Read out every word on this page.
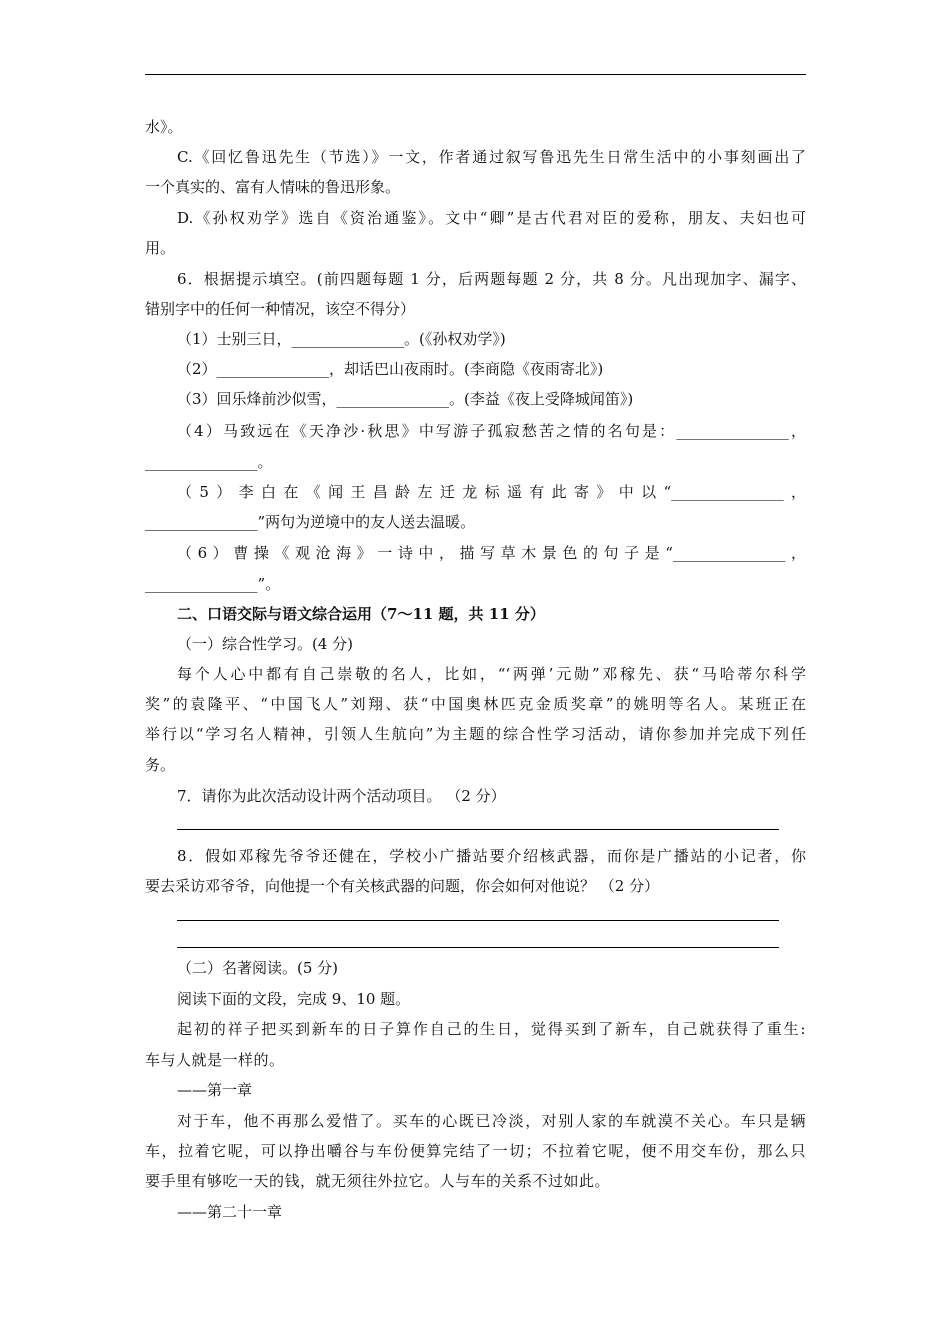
水》。
C.《回忆鲁迅先生（节选）》一文，作者通过叙写鲁迅先生日常生活中的小事刻画出了
一个真实的、富有人情味的鲁迅形象。
D.《孙权劝学》选自《资治通鉴》。文中“卿”是古代君对臣的爱称，朋友、夫妇也可
用。
6．根据提示填空。(前四题每题 1 分，后两题每题 2 分，共 8 分。凡出现加字、漏字、
错别字中的任何一种情况，该空不得分）
（1）士别三日，_______________。(《孙权劝学》)
（2）_______________，却话巴山夜雨时。(李商隐《夜雨寄北》)
（3）回乐烽前沙似雪，_______________。(李益《夜上受降城闻笛》)
（4）马致远在《天净沙·秋思》中写游子孤寂愁苦之情的名句是：_______________，
_______________。
（5）李白在《闻王昌龄左迁龙标遥有此寄》中以“_______________，
_______________”两句为逆境中的友人送去温暖。
（6）曹操《观沧海》一诗中，描写草木景色的句子是“_______________，
_______________”。
二、口语交际与语文综合运用（7～11 题，共 11 分）
（一）综合性学习。(4 分)
每个人心中都有自己崇敬的名人，比如，“‘两弹’元勋”邓稼先、获“马哈蒂尔科学
奖”的袁隆平、“中国飞人”刘翔、获“中国奥林匹克金质奖章”的姚明等名人。某班正在
举行以“学习名人精神，引领人生航向”为主题的综合性学习活动，请你参加并完成下列任
务。
7．请你为此次活动设计两个活动项目。 （2 分）
8．假如邓稼先爷爷还健在，学校小广播站要介绍核武器，而你是广播站的小记者，你
要去采访邓爷爷，向他提一个有关核武器的问题，你会如何对他说？ （2 分）
（二）名著阅读。(5 分)
阅读下面的文段，完成 9、10 题。
起初的祥子把买到新车的日子算作自己的生日，觉得买到了新车，自己就获得了重生:
车与人就是一样的。
——第一章
对于车，他不再那么爱惜了。买车的心既已冷淡，对别人家的车就漠不关心。车只是辆
车，拉着它呢，可以挣出嚼谷与车份便算完结了一切；不拉着它呢，便不用交车份，那么只
要手里有够吃一天的钱，就无须往外拉它。人与车的关系不过如此。
——第二十一章
